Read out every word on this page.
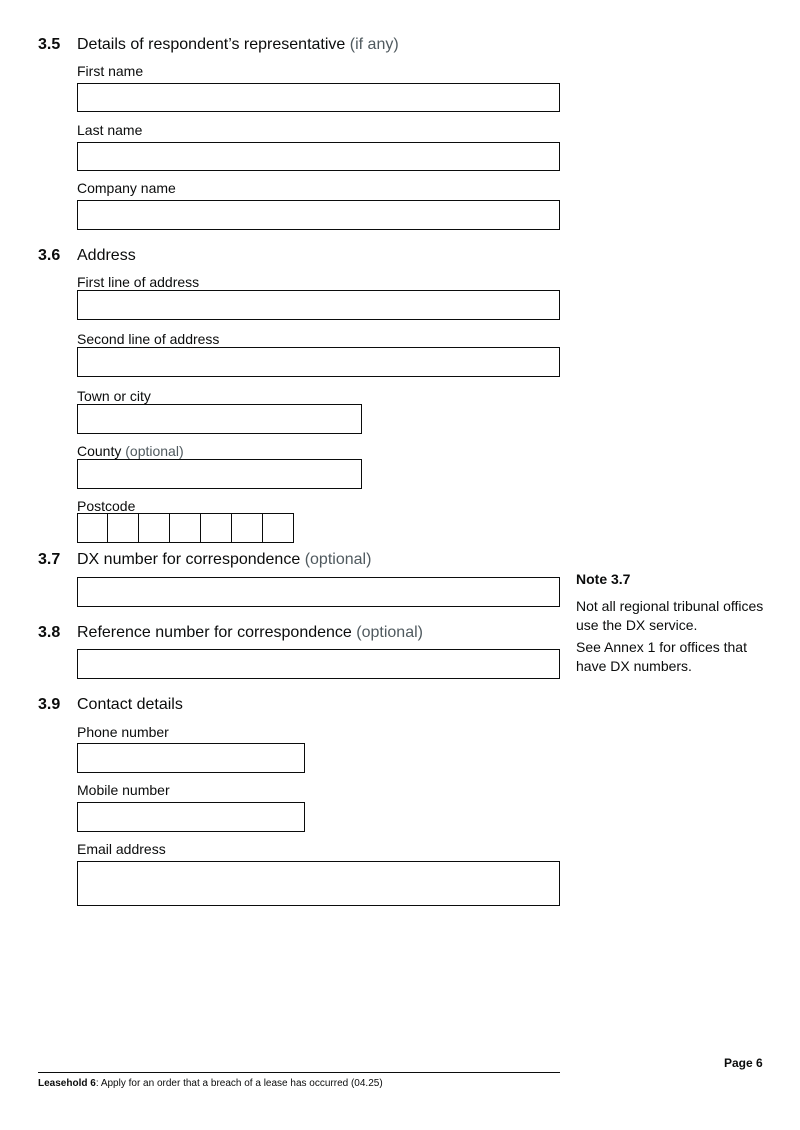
3.5 Details of respondent’s representative (if any)
First name
Last name
Company name
3.6 Address
First line of address
Second line of address
Town or city
County (optional)
Postcode
3.7 DX number for correspondence (optional)
3.8 Reference number for correspondence (optional)
Note 3.7
Not all regional tribunal offices use the DX service.
See Annex 1 for offices that have DX numbers.
3.9 Contact details
Phone number
Mobile number
Email address
Page 6
Leasehold 6: Apply for an order that a breach of a lease has occurred (04.25)
